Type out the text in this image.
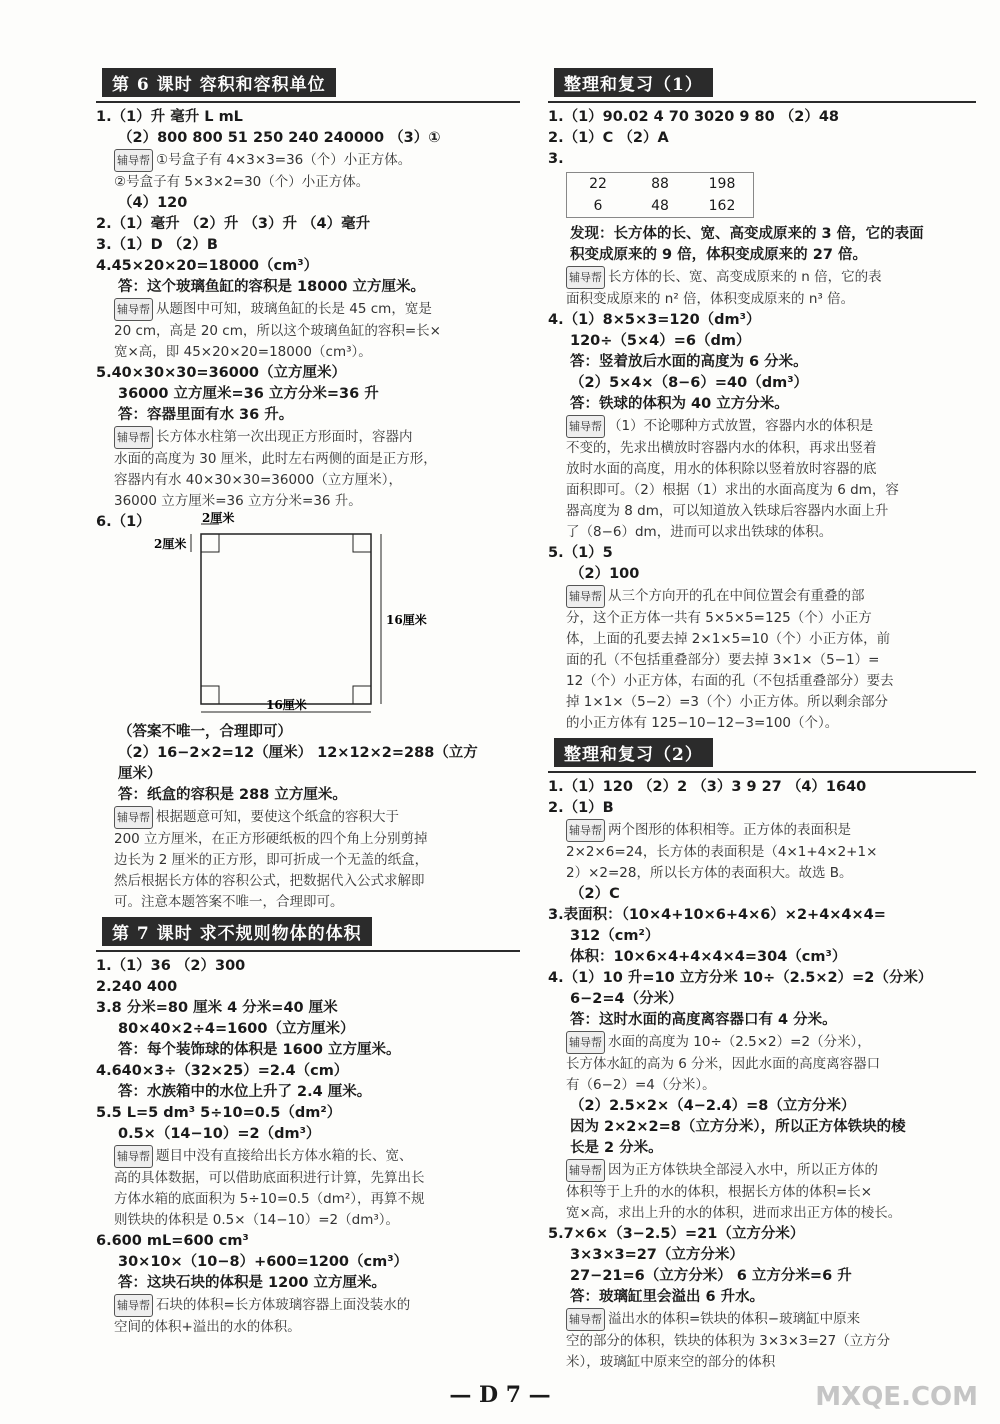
第 6 课时 容积和容积单位
1.（1）升 毫升 L mL
（2）800 800 51 250 240 240000 （3）①
辅导帮 ①号盒子有 4×3×3=36（个）小正方体。
②号盒子有 5×3×2=30（个）小正方体。
（4）120
2.（1）毫升 （2）升 （3）升 （4）毫升
3.（1）D （2）B
4.45×20×20=18000（cm³）
答：这个玻璃鱼缸的容积是 18000 立方厘米。
辅导帮 从题图中可知，玻璃鱼缸的长是 45 cm，宽是
20 cm，高是 20 cm，所以这个玻璃鱼缸的容积=长×
宽×高，即 45×20×20=18000（cm³）。
5.40×30×30=36000（立方厘米）
36000 立方厘米=36 立方分米=36 升
答：容器里面有水 36 升。
辅导帮 长方体水柱第一次出现正方形面时，容器内
水面的高度为 30 厘米，此时左右两侧的面是正方形，
容器内有水 40×30×30=36000（立方厘米），
36000 立方厘米=36 立方分米=36 升。
6.（1）	2厘米
2厘米
16厘米
16厘米
（答案不唯一，合理即可）
（2）16−2×2=12（厘米） 12×12×2=288（立方
厘米）
答：纸盒的容积是 288 立方厘米。
辅导帮 根据题意可知，要使这个纸盒的容积大于
200 立方厘米，在正方形硬纸板的四个角上分别剪掉
边长为 2 厘米的正方形，即可折成一个无盖的纸盒，
然后根据长方体的容积公式，把数据代入公式求解即
可。注意本题答案不唯一，合理即可。
第 7 课时 求不规则物体的体积
1.（1）36 （2）300
2.240 400
3.8 分米=80 厘米 4 分米=40 厘米
80×40×2÷4=1600（立方厘米）
答：每个装饰球的体积是 1600 立方厘米。
4.640×3÷（32×25）=2.4（cm）
答：水族箱中的水位上升了 2.4 厘米。
5.5 L=5 dm³ 5÷10=0.5（dm²）
0.5×（14−10）=2（dm³）
辅导帮 题目中没有直接给出长方体水箱的长、宽、
高的具体数据，可以借助底面积进行计算，先算出长
方体水箱的底面积为 5÷10=0.5（dm²），再算不规
则铁块的体积是 0.5×（14−10）=2（dm³）。
6.600 mL=600 cm³
30×10×（10−8）+600=1200（cm³）
答：这块石块的体积是 1200 立方厘米。
辅导帮 石块的体积=长方体玻璃容器上面没装水的
空间的体积+溢出的水的体积。
整理和复习（1）
1.（1）90.02 4 70 3020 9 80 （2）48
2.（1）C （2）A
3.
22	88	198
6	48	162
发现：长方体的长、宽、高变成原来的 3 倍，它的表面
积变成原来的 9 倍，体积变成原来的 27 倍。
辅导帮 长方体的长、宽、高变成原来的 n 倍，它的表
面积变成原来的 n² 倍，体积变成原来的 n³ 倍。
4.（1）8×5×3=120（dm³）
120÷（5×4）=6（dm）
答：竖着放后水面的高度为 6 分米。
（2）5×4×（8−6）=40（dm³）
答：铁球的体积为 40 立方分米。
辅导帮 （1）不论哪种方式放置，容器内水的体积是
不变的，先求出横放时容器内水的体积，再求出竖着
放时水面的高度，用水的体积除以竖着放时容器的底
面积即可。（2）根据（1）求出的水面高度为 6 dm，容
器高度为 8 dm，可以知道放入铁球后容器内水面上升
了（8−6）dm，进而可以求出铁球的体积。
5.（1）5
（2）100
辅导帮 从三个方向开的孔在中间位置会有重叠的部
分，这个正方体一共有 5×5×5=125（个）小正方
体，上面的孔要去掉 2×1×5=10（个）小正方体，前
面的孔（不包括重叠部分）要去掉 3×1×（5−1）=
12（个）小正方体，右面的孔（不包括重叠部分）要去
掉 1×1×（5−2）=3（个）小正方体。所以剩余部分
的小正方体有 125−10−12−3=100（个）。
整理和复习（2）
1.（1）120 （2）2 （3）3 9 27 （4）1640
2.（1）B
辅导帮 两个图形的体积相等。正方体的表面积是
2×2×6=24，长方体的表面积是（4×1+4×2+1×
2）×2=28，所以长方体的表面积大。故选 B。
（2）C
3.表面积：（10×4+10×6+4×6）×2+4×4×4=
312（cm²）
体积：10×6×4+4×4×4=304（cm³）
4.（1）10 升=10 立方分米 10÷（2.5×2）=2（分米）
6−2=4（分米）
答：这时水面的高度离容器口有 4 分米。
辅导帮 水面的高度为 10÷（2.5×2）=2（分米），
长方体水缸的高为 6 分米，因此水面的高度离容器口
有（6−2）=4（分米）。
（2）2.5×2×（4−2.4）=8（立方分米）
因为 2×2×2=8（立方分米），所以正方体铁块的棱
长是 2 分米。
辅导帮 因为正方体铁块全部浸入水中，所以正方体的
体积等于上升的水的体积，根据长方体的体积=长×
宽×高，求出上升的水的体积，进而求出正方体的棱长。
5.7×6×（3−2.5）=21（立方分米）
3×3×3=27（立方分米）
27−21=6（立方分米） 6 立方分米=6 升
答：玻璃缸里会溢出 6 升水。
辅导帮 溢出水的体积=铁块的体积−玻璃缸中原来
空的部分的体积，铁块的体积为 3×3×3=27（立方分
米），玻璃缸中原来空的部分的体积
— D 7 —	MXQE.COM
